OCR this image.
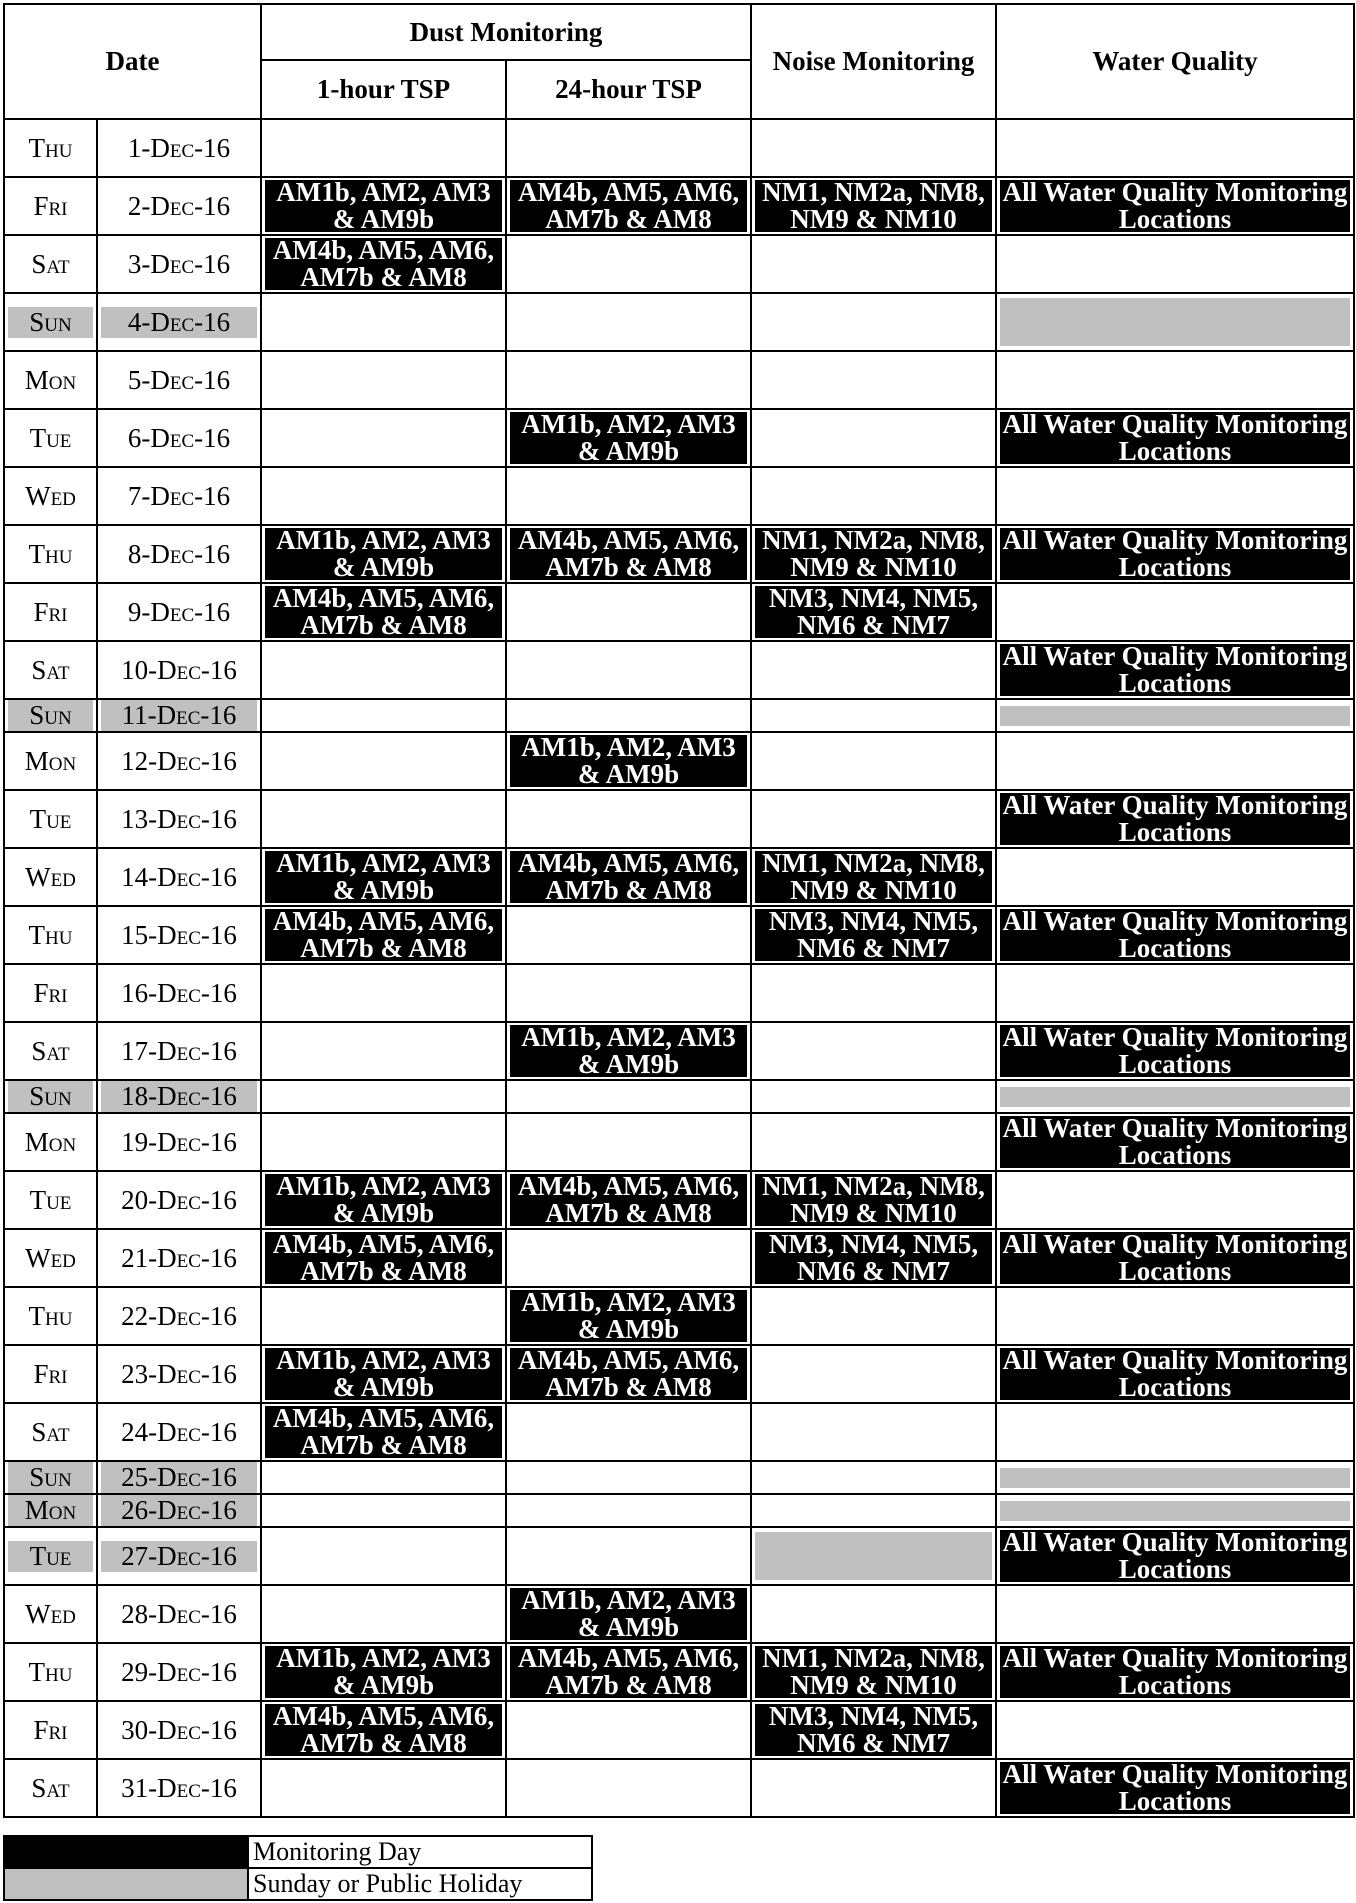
Date		Dust Monitoring		Noise Monitoring	Water Quality
		1-hour TSP	24-hour TSP		
Thu	1-Dec-16				
Fri	2-Dec-16	AM1b, AM2, AM3 & AM9b	AM4b, AM5, AM6, AM7b & AM8	NM1, NM2a, NM8, NM9 & NM10	All Water Quality Monitoring Locations

Sat	3-Dec-16	AM4b, AM5, AM6, AM7b & AM8			

Sun	4-Dec-16				

Mon	5-Dec-16				
Tue	6-Dec-16		AM1b, AM2, AM3 & AM9b		All Water Quality Monitoring Locations

Wed	7-Dec-16				
Thu	8-Dec-16	AM1b, AM2, AM3 & AM9b	AM4b, AM5, AM6, AM7b & AM8	NM1, NM2a, NM8, NM9 & NM10	All Water Quality Monitoring Locations

Fri	9-Dec-16	AM4b, AM5, AM6, AM7b & AM8		NM3, NM4, NM5, NM6 & NM7	

Sat	10-Dec-16				All Water Quality Monitoring Locations

Sun	11-Dec-16				

Mon	12-Dec-16		AM1b, AM2, AM3 & AM9b		

Tue	13-Dec-16				All Water Quality Monitoring Locations

Wed	14-Dec-16	AM1b, AM2, AM3 & AM9b	AM4b, AM5, AM6, AM7b & AM8	NM1, NM2a, NM8, NM9 & NM10	

Thu	15-Dec-16	AM4b, AM5, AM6, AM7b & AM8		NM3, NM4, NM5, NM6 & NM7	All Water Quality Monitoring Locations

Fri	16-Dec-16				
Sat	17-Dec-16		AM1b, AM2, AM3 & AM9b		All Water Quality Monitoring Locations

Sun	18-Dec-16				

Mon	19-Dec-16				All Water Quality Monitoring Locations

Tue	20-Dec-16	AM1b, AM2, AM3 & AM9b	AM4b, AM5, AM6, AM7b & AM8	NM1, NM2a, NM8, NM9 & NM10	

Wed	21-Dec-16	AM4b, AM5, AM6, AM7b & AM8		NM3, NM4, NM5, NM6 & NM7	All Water Quality Monitoring Locations

Thu	22-Dec-16		AM1b, AM2, AM3 & AM9b		

Fri	23-Dec-16	AM1b, AM2, AM3 & AM9b	AM4b, AM5, AM6, AM7b & AM8		All Water Quality Monitoring Locations

Sat	24-Dec-16	AM4b, AM5, AM6, AM7b & AM8			

Sun	25-Dec-16				

Mon	26-Dec-16				

Tue	27-Dec-16				All Water Quality Monitoring Locations

Wed	28-Dec-16		AM1b, AM2, AM3 & AM9b		

Thu	29-Dec-16	AM1b, AM2, AM3 & AM9b	AM4b, AM5, AM6, AM7b & AM8	NM1, NM2a, NM8, NM9 & NM10	All Water Quality Monitoring Locations

Fri	30-Dec-16	AM4b, AM5, AM6, AM7b & AM8		NM3, NM4, NM5, NM6 & NM7	

Sat	31-Dec-16				All Water Quality Monitoring Locations
	Monitoring Day
	Sunday or Public Holiday
